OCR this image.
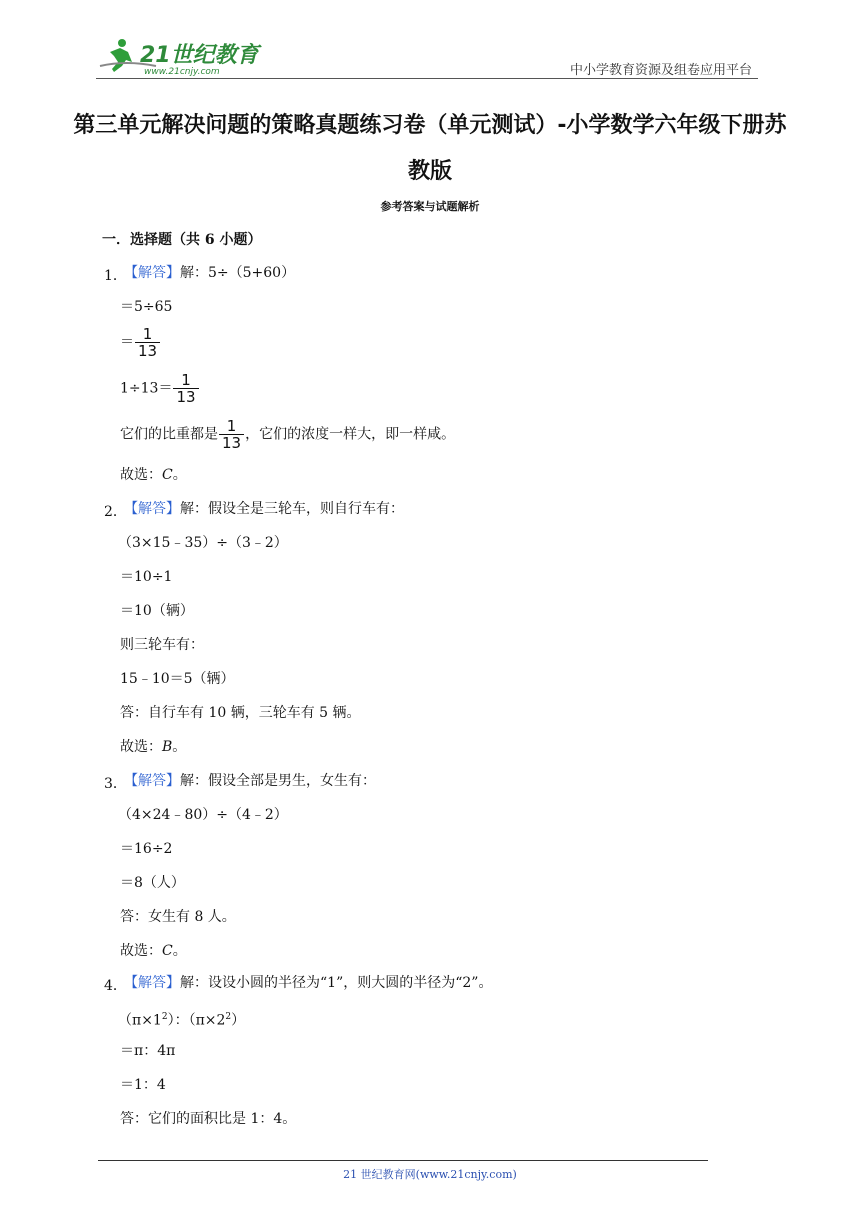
21世纪教育
www.21cnjy.com	中小学教育资源及组卷应用平台
第三单元解决问题的策略真题练习卷（单元测试）-小学数学六年级下册苏教版
参考答案与试题解析
一．选择题（共 6 小题）
1．
【解答】解：5÷（5+60）
＝5÷65
＝ $\frac{1}{13}$
$1\div 13= \frac{1}{13}$
它们的比重都是 $\frac{1}{13}$ ，它们的浓度一样大，即一样咸。
故选：C。
2．
【解答】解：假设全是三轮车，则自行车有：
（3×15﹣35）÷（3﹣2）
＝10÷1
＝10（辆）
则三轮车有：
15﹣10＝5（辆）
答：自行车有 10 辆，三轮车有 5 辆。
故选：B。
3．
【解答】解：假设全部是男生，女生有：
（4×24﹣80）÷（4﹣2）
＝16÷2
＝8（人）
答：女生有 8 人。
故选：C。
4．
【解答】解：设设小圆的半径为“1”，则大圆的半径为“2”。
$(\pi\times 1^2)$：$(\pi\times 2^2)$
＝π：4π
＝1：4
答：它们的面积比是 1：4。
21 世纪教育网(www.21cnjy.com)
